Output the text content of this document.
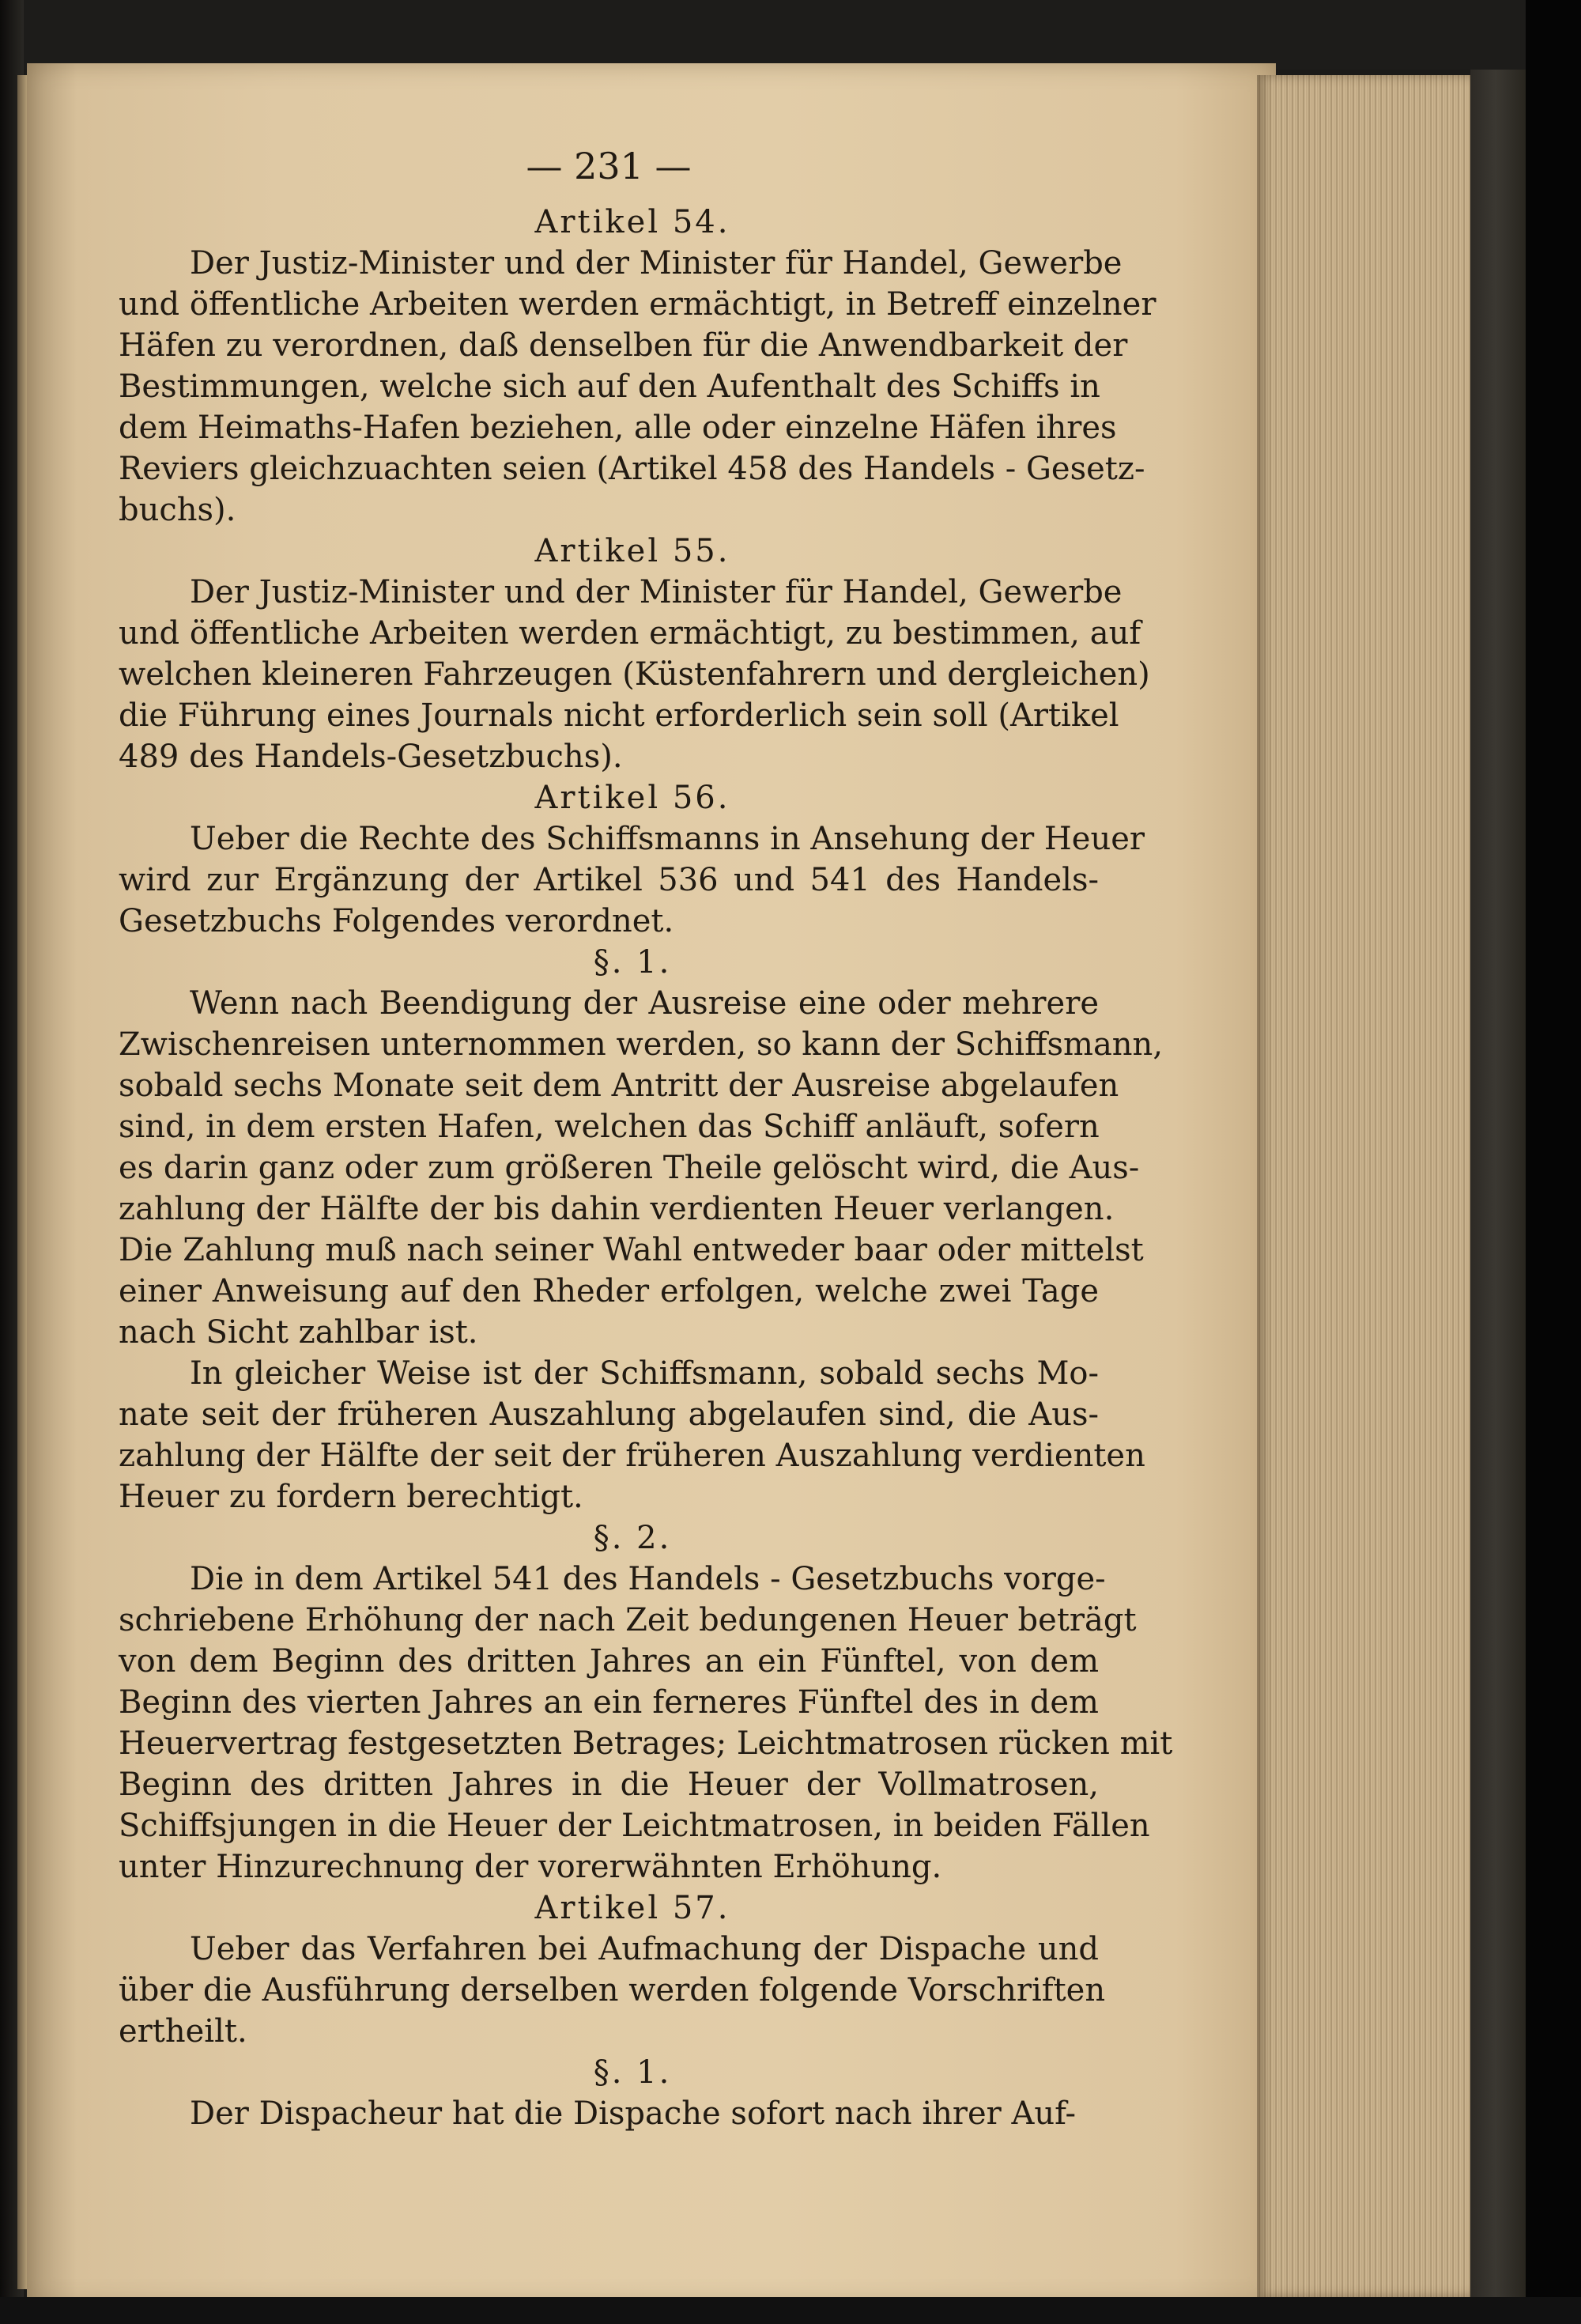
— 231 —
Artikel 54.
Der Justiz-Minister und der Minister für Handel, Gewerbe
und öffentliche Arbeiten werden ermächtigt, in Betreff einzelner
Häfen zu verordnen, daß denselben für die Anwendbarkeit der
Bestimmungen, welche sich auf den Aufenthalt des Schiffs in
dem Heimaths-Hafen beziehen, alle oder einzelne Häfen ihres
Reviers gleichzuachten seien (Artikel 458 des Handels - Gesetz-
buchs).
Artikel 55.
Der Justiz-Minister und der Minister für Handel, Gewerbe
und öffentliche Arbeiten werden ermächtigt, zu bestimmen, auf
welchen kleineren Fahrzeugen (Küstenfahrern und dergleichen)
die Führung eines Journals nicht erforderlich sein soll (Artikel
489 des Handels-Gesetzbuchs).
Artikel 56.
Ueber die Rechte des Schiffsmanns in Ansehung der Heuer
wird zur Ergänzung der Artikel 536 und 541 des Handels-
Gesetzbuchs Folgendes verordnet.
§. 1.
Wenn nach Beendigung der Ausreise eine oder mehrere
Zwischenreisen unternommen werden, so kann der Schiffsmann,
sobald sechs Monate seit dem Antritt der Ausreise abgelaufen
sind, in dem ersten Hafen, welchen das Schiff anläuft, sofern
es darin ganz oder zum größeren Theile gelöscht wird, die Aus-
zahlung der Hälfte der bis dahin verdienten Heuer verlangen.
Die Zahlung muß nach seiner Wahl entweder baar oder mittelst
einer Anweisung auf den Rheder erfolgen, welche zwei Tage
nach Sicht zahlbar ist.
In gleicher Weise ist der Schiffsmann, sobald sechs Mo-
nate seit der früheren Auszahlung abgelaufen sind, die Aus-
zahlung der Hälfte der seit der früheren Auszahlung verdienten
Heuer zu fordern berechtigt.
§. 2.
Die in dem Artikel 541 des Handels - Gesetzbuchs vorge-
schriebene Erhöhung der nach Zeit bedungenen Heuer beträgt
von dem Beginn des dritten Jahres an ein Fünftel, von dem
Beginn des vierten Jahres an ein ferneres Fünftel des in dem
Heuervertrag festgesetzten Betrages; Leichtmatrosen rücken mit
Beginn des dritten Jahres in die Heuer der Vollmatrosen,
Schiffsjungen in die Heuer der Leichtmatrosen, in beiden Fällen
unter Hinzurechnung der vorerwähnten Erhöhung.
Artikel 57.
Ueber das Verfahren bei Aufmachung der Dispache und
über die Ausführung derselben werden folgende Vorschriften
ertheilt.
§. 1.
Der Dispacheur hat die Dispache sofort nach ihrer Auf-
